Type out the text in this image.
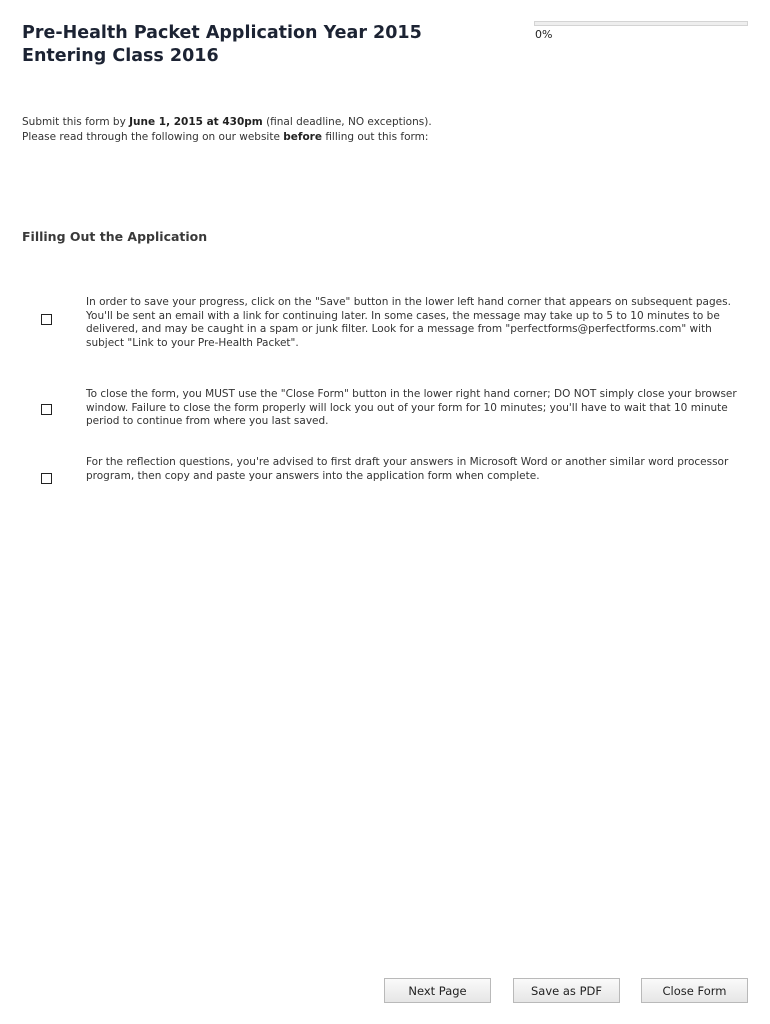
Pre-Health Packet Application Year 2015
Entering Class 2016
0%

Submit this form by June 1, 2015 at 430pm (final deadline, NO exceptions).

Please read through the following on our website before filling out this form:

Filling Out the Application
In order to save your progress, click on the "Save" button in the lower left hand corner that appears on subsequent pages. You'll be sent an email with a link for continuing later. In some cases, the message may take up to 5 to 10 minutes to be delivered, and may be caught in a spam or junk filter. Look for a message from "perfectforms@perfectforms.com" with subject "Link to your Pre-Health Packet".
To close the form, you MUST use the "Close Form" button in the lower right hand corner; DO NOT simply close your browser window. Failure to close the form properly will lock you out of your form for 10 minutes; you'll have to wait that 10 minute period to continue from where you last saved.
For the reflection questions, you're advised to first draft your answers in Microsoft Word or another similar word processor program, then copy and paste your answers into the application form when complete.
Next Page	Save as PDF	Close Form
